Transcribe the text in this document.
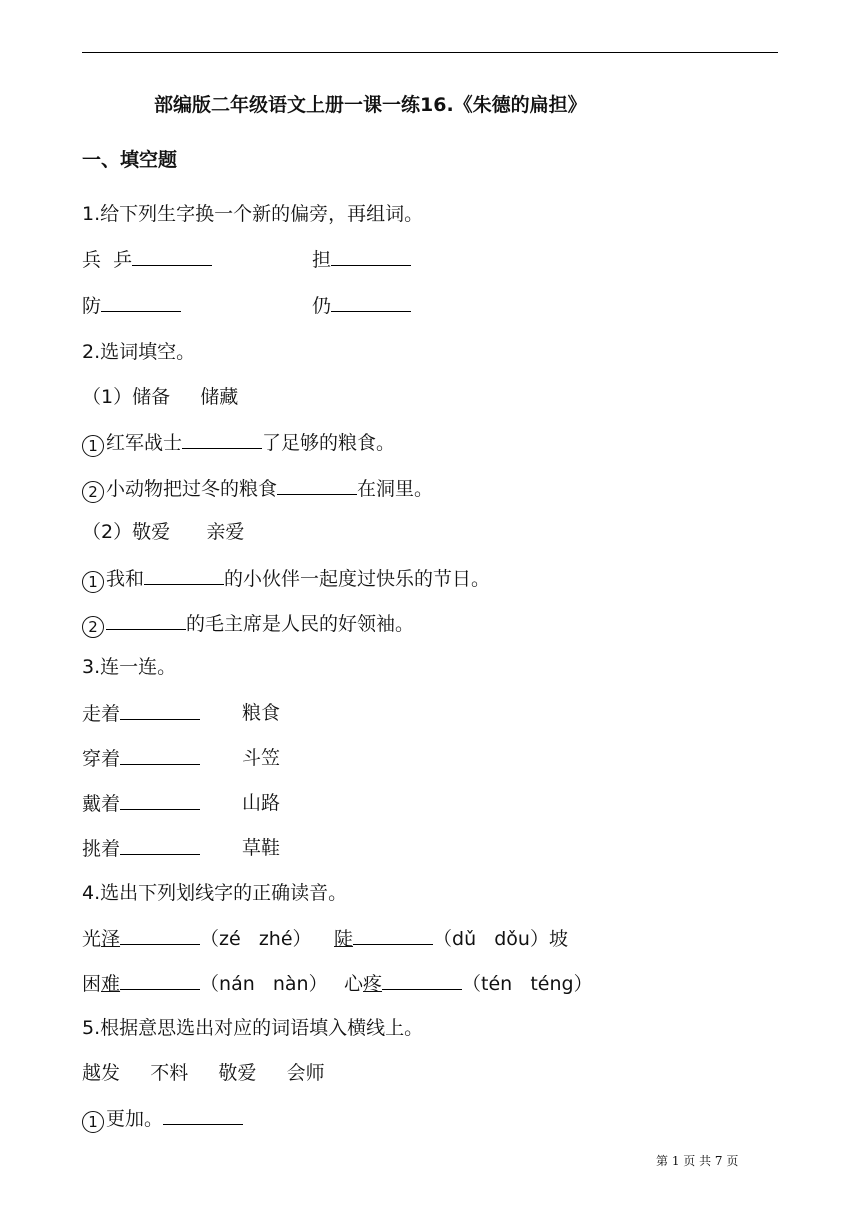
部编版二年级语文上册一课一练16.《朱德的扁担》
一、填空题
1.给下列生字换一个新的偏旁，再组词。
兵  乒	担
防	仍
2.选词填空。
（1）储备     储藏
1 红军战士	了足够的粮食。
2 小动物把过冬的粮食	在洞里。
（2）敬爱      亲爱
1 我和	的小伙伴一起度过快乐的节日。
2	的毛主席是人民的好领袖。
3.连一连。
走着	粮食
穿着	斗笠
戴着	山路
挑着	草鞋
4.选出下列划线字的正确读音。
光泽	（zé   zhé） 陡	（dǔ   dǒu）坡
困难	（nán   nàn） 心疼	（tén   téng）
5.根据意思选出对应的词语填入横线上。
越发     不料     敬爱     会师
1 更加。
第 1 页 共 7 页
